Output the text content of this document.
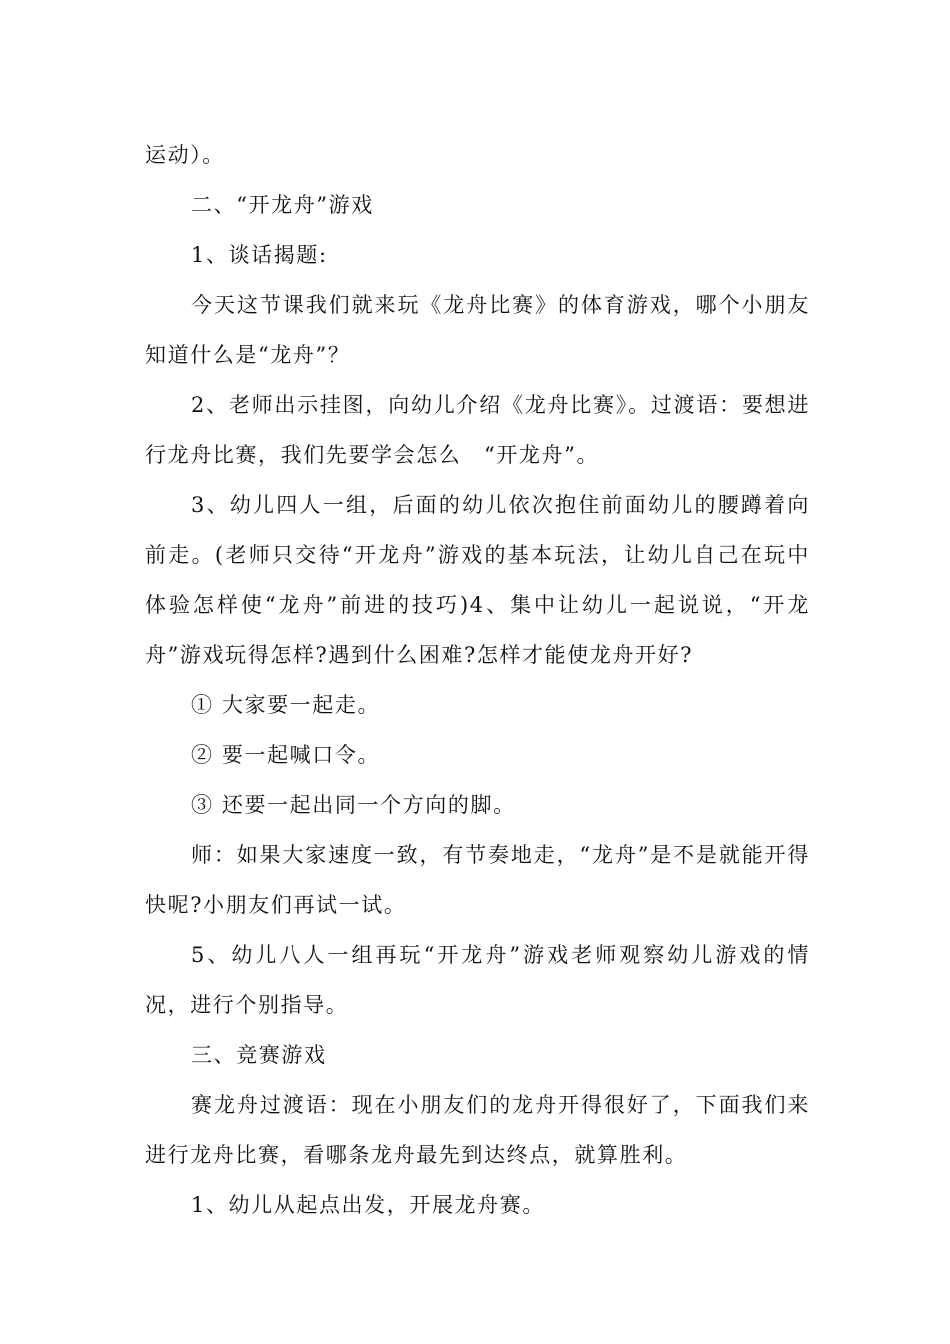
运动）。

二、“开龙舟”游戏

1、谈话揭题:

今天这节课我们就来玩《龙舟比赛》的体育游戏，哪个小朋友知道什么是“龙舟”？

2、老师出示挂图，向幼儿介绍《龙舟比赛》。过渡语：要想进行龙舟比赛，我们先要学会怎么　“开龙舟”。

3、幼儿四人一组，后面的幼儿依次抱住前面幼儿的腰蹲着向前走。(老师只交待“开龙舟”游戏的基本玩法，让幼儿自己在玩中体验怎样使“龙舟”前进的技巧)4、集中让幼儿一起说说，“开龙舟”游戏玩得怎样?遇到什么困难?怎样才能使龙舟开好?

① 大家要一起走。

② 要一起喊口令。

③ 还要一起出同一个方向的脚。

师：如果大家速度一致，有节奏地走，“龙舟”是不是就能开得快呢?小朋友们再试一试。

5、幼儿八人一组再玩“开龙舟”游戏老师观察幼儿游戏的情况，进行个别指导。

三、竞赛游戏

赛龙舟过渡语：现在小朋友们的龙舟开得很好了，下面我们来进行龙舟比赛，看哪条龙舟最先到达终点，就算胜利。

1、幼儿从起点出发，开展龙舟赛。
